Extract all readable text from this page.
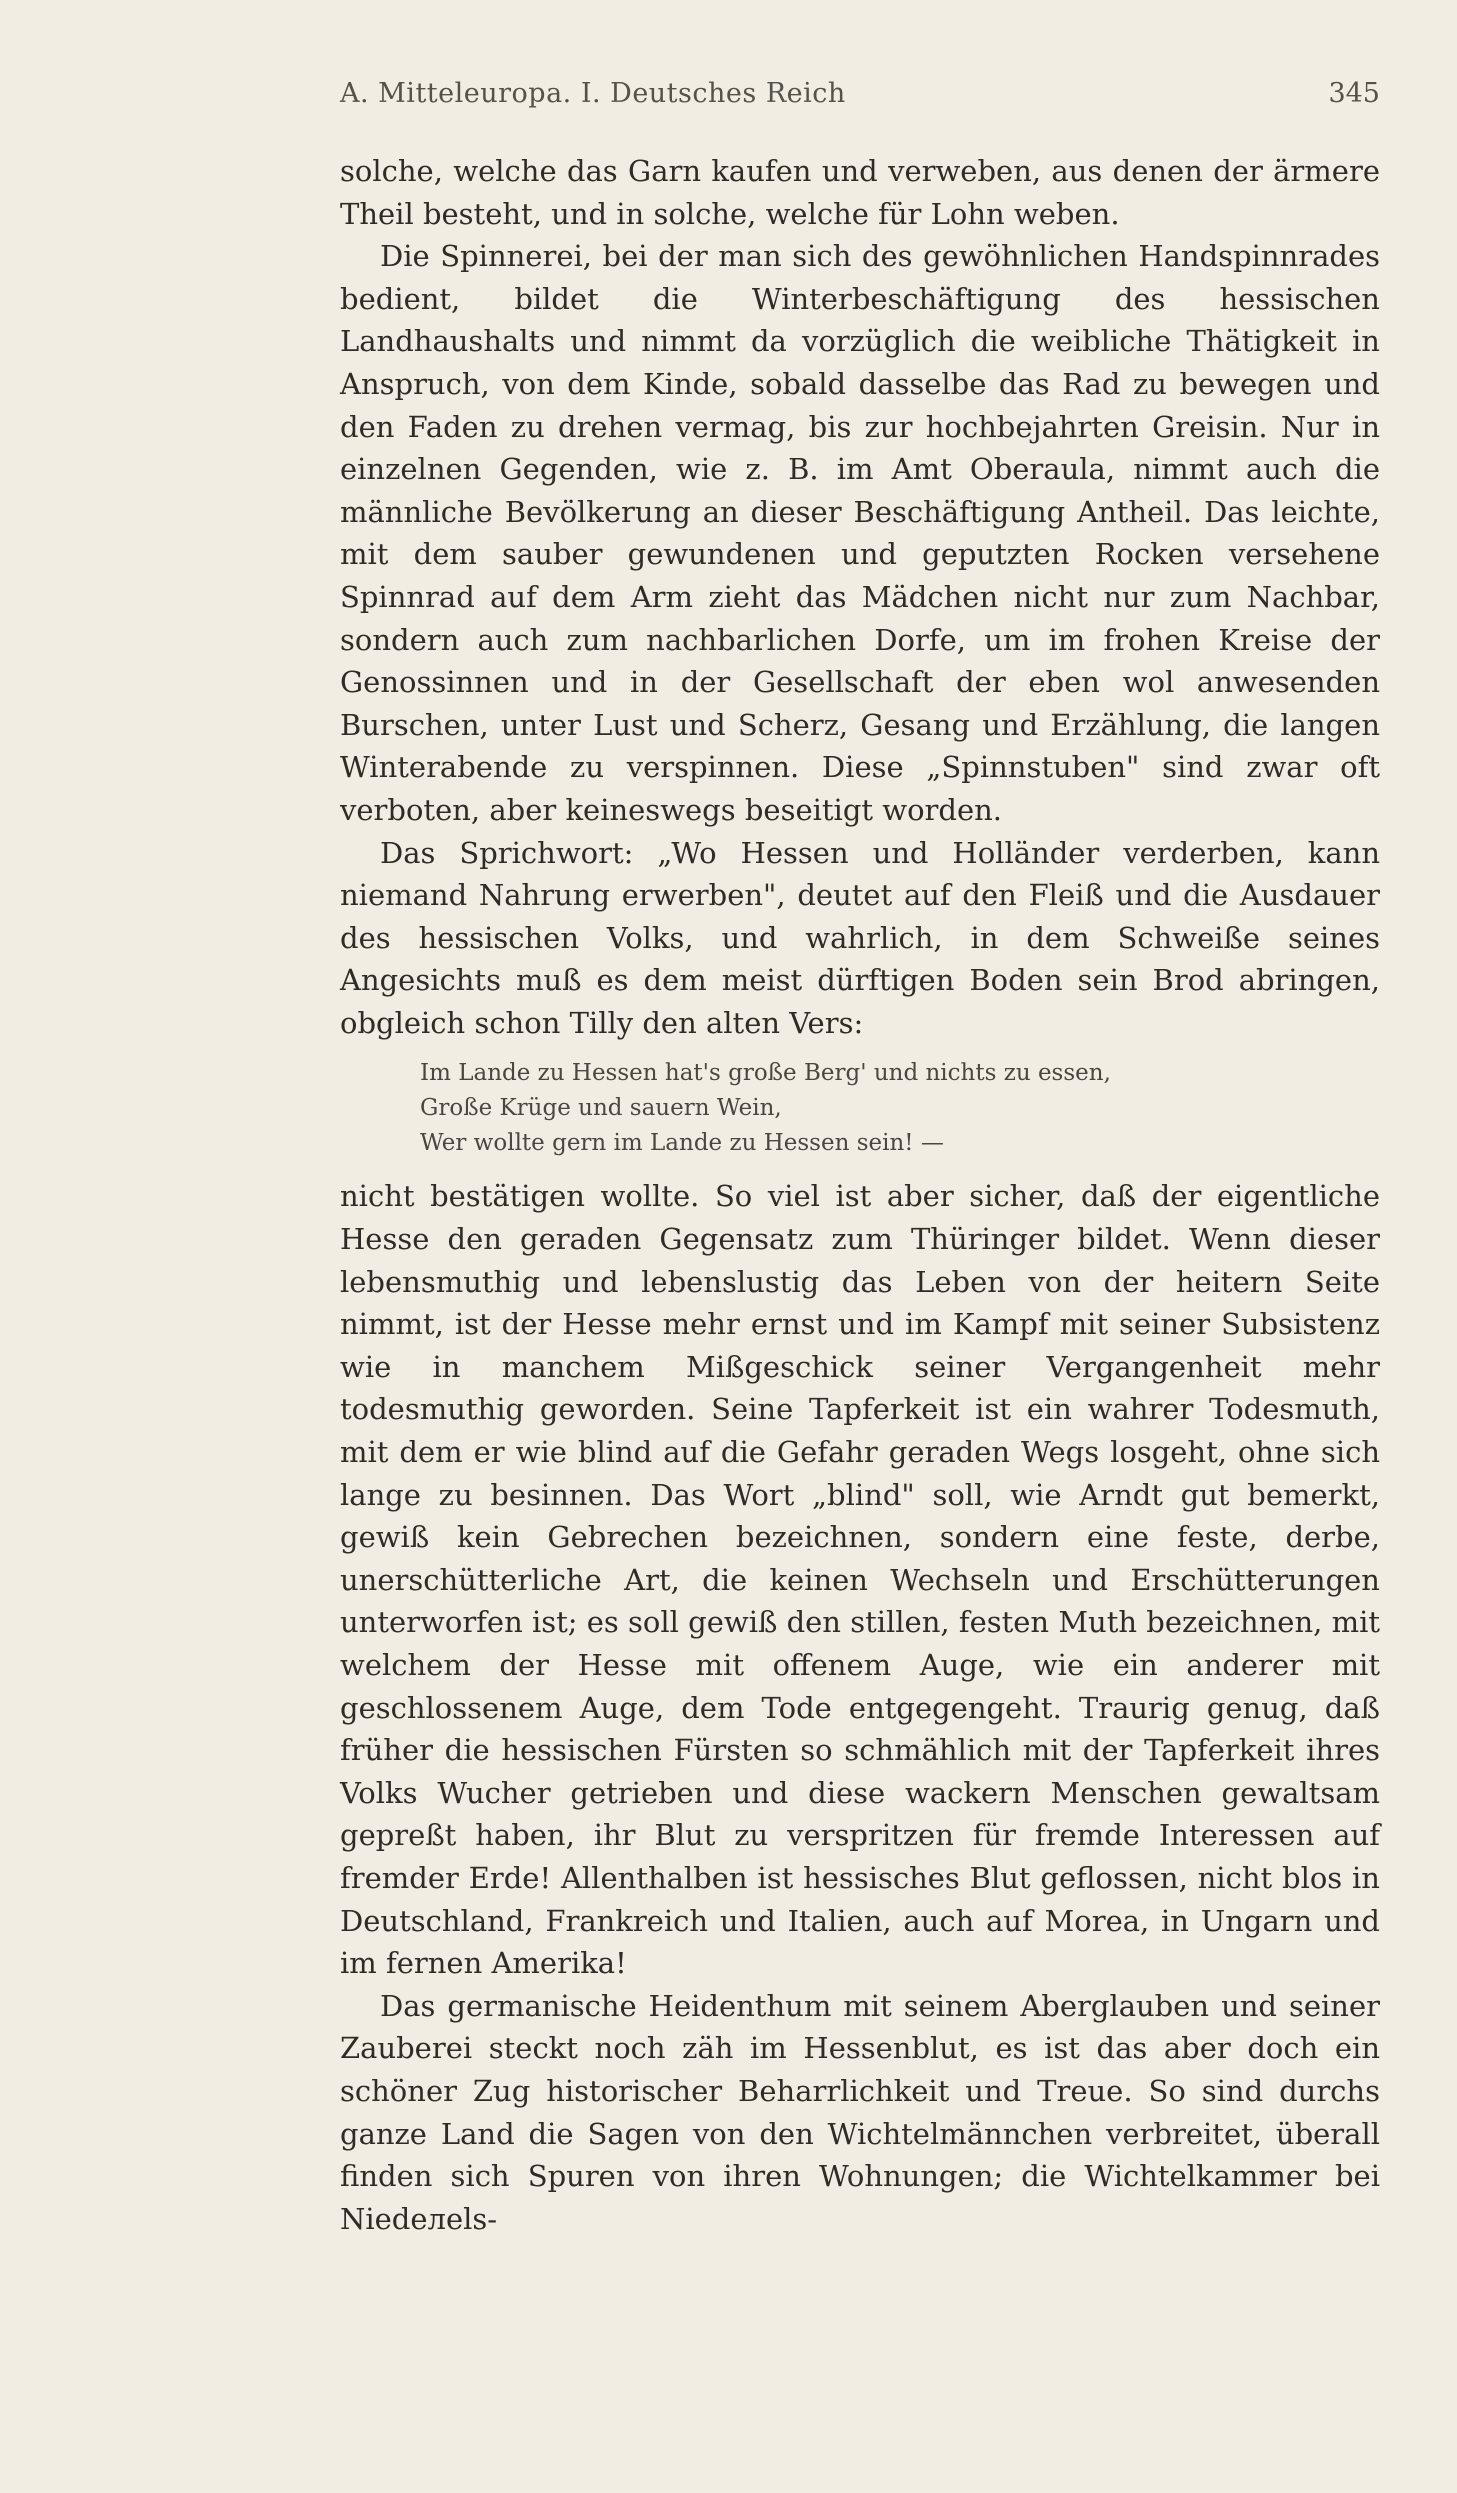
A. Mitteleuropa. I. Deutsches Reich	345

solche, welche das Garn kaufen und verweben, aus denen der ärmere Theil besteht, und in solche, welche für Lohn weben.

Die Spinnerei, bei der man sich des gewöhnlichen Handspinnrades bedient, bildet die Winterbeschäftigung des hessischen Landhaushalts und nimmt da vorzüglich die weibliche Thätigkeit in Anspruch, von dem Kinde, sobald dasselbe das Rad zu bewegen und den Faden zu drehen vermag, bis zur hochbejahrten Greisin. Nur in einzelnen Gegenden, wie z. B. im Amt Oberaula, nimmt auch die männliche Bevölkerung an dieser Beschäftigung Antheil. Das leichte, mit dem sauber gewundenen und geputzten Rocken versehene Spinnrad auf dem Arm zieht das Mädchen nicht nur zum Nachbar, sondern auch zum nachbarlichen Dorfe, um im frohen Kreise der Genossinnen und in der Gesellschaft der eben wol anwesenden Burschen, unter Lust und Scherz, Gesang und Erzählung, die langen Winterabende zu verspinnen. Diese „Spinnstuben" sind zwar oft verboten, aber keineswegs beseitigt worden.

Das Sprichwort: „Wo Hessen und Holländer verderben, kann niemand Nahrung erwerben", deutet auf den Fleiß und die Ausdauer des hessischen Volks, und wahrlich, in dem Schweiße seines Angesichts muß es dem meist dürftigen Boden sein Brod abringen, obgleich schon Tilly den alten Vers:

Im Lande zu Hessen hat's große Berg' und nichts zu essen,
Große Krüge und sauern Wein,
Wer wollte gern im Lande zu Hessen sein! —

nicht bestätigen wollte. So viel ist aber sicher, daß der eigentliche Hesse den geraden Gegensatz zum Thüringer bildet. Wenn dieser lebensmuthig und lebenslustig das Leben von der heitern Seite nimmt, ist der Hesse mehr ernst und im Kampf mit seiner Subsistenz wie in manchem Mißgeschick seiner Vergangenheit mehr todesmuthig geworden. Seine Tapferkeit ist ein wahrer Todesmuth, mit dem er wie blind auf die Gefahr geraden Wegs losgeht, ohne sich lange zu besinnen. Das Wort „blind" soll, wie Arndt gut bemerkt, gewiß kein Gebrechen bezeichnen, sondern eine feste, derbe, unerschütterliche Art, die keinen Wechseln und Erschütterungen unterworfen ist; es soll gewiß den stillen, festen Muth bezeichnen, mit welchem der Hesse mit offenem Auge, wie ein anderer mit geschlossenem Auge, dem Tode entgegengeht. Traurig genug, daß früher die hessischen Fürsten so schmählich mit der Tapferkeit ihres Volks Wucher getrieben und diese wackern Menschen gewaltsam gepreßt haben, ihr Blut zu verspritzen für fremde Interessen auf fremder Erde! Allenthalben ist hessisches Blut geflossen, nicht blos in Deutschland, Frankreich und Italien, auch auf Morea, in Ungarn und im fernen Amerika!

Das germanische Heidenthum mit seinem Aberglauben und seiner Zauberei steckt noch zäh im Hessenblut, es ist das aber doch ein schöner Zug historischer Beharrlichkeit und Treue. So sind durchs ganze Land die Sagen von den Wichtelmännchen verbreitet, überall finden sich Spuren von ihren Wohnungen; die Wichtelkammer bei Niedeлels-
